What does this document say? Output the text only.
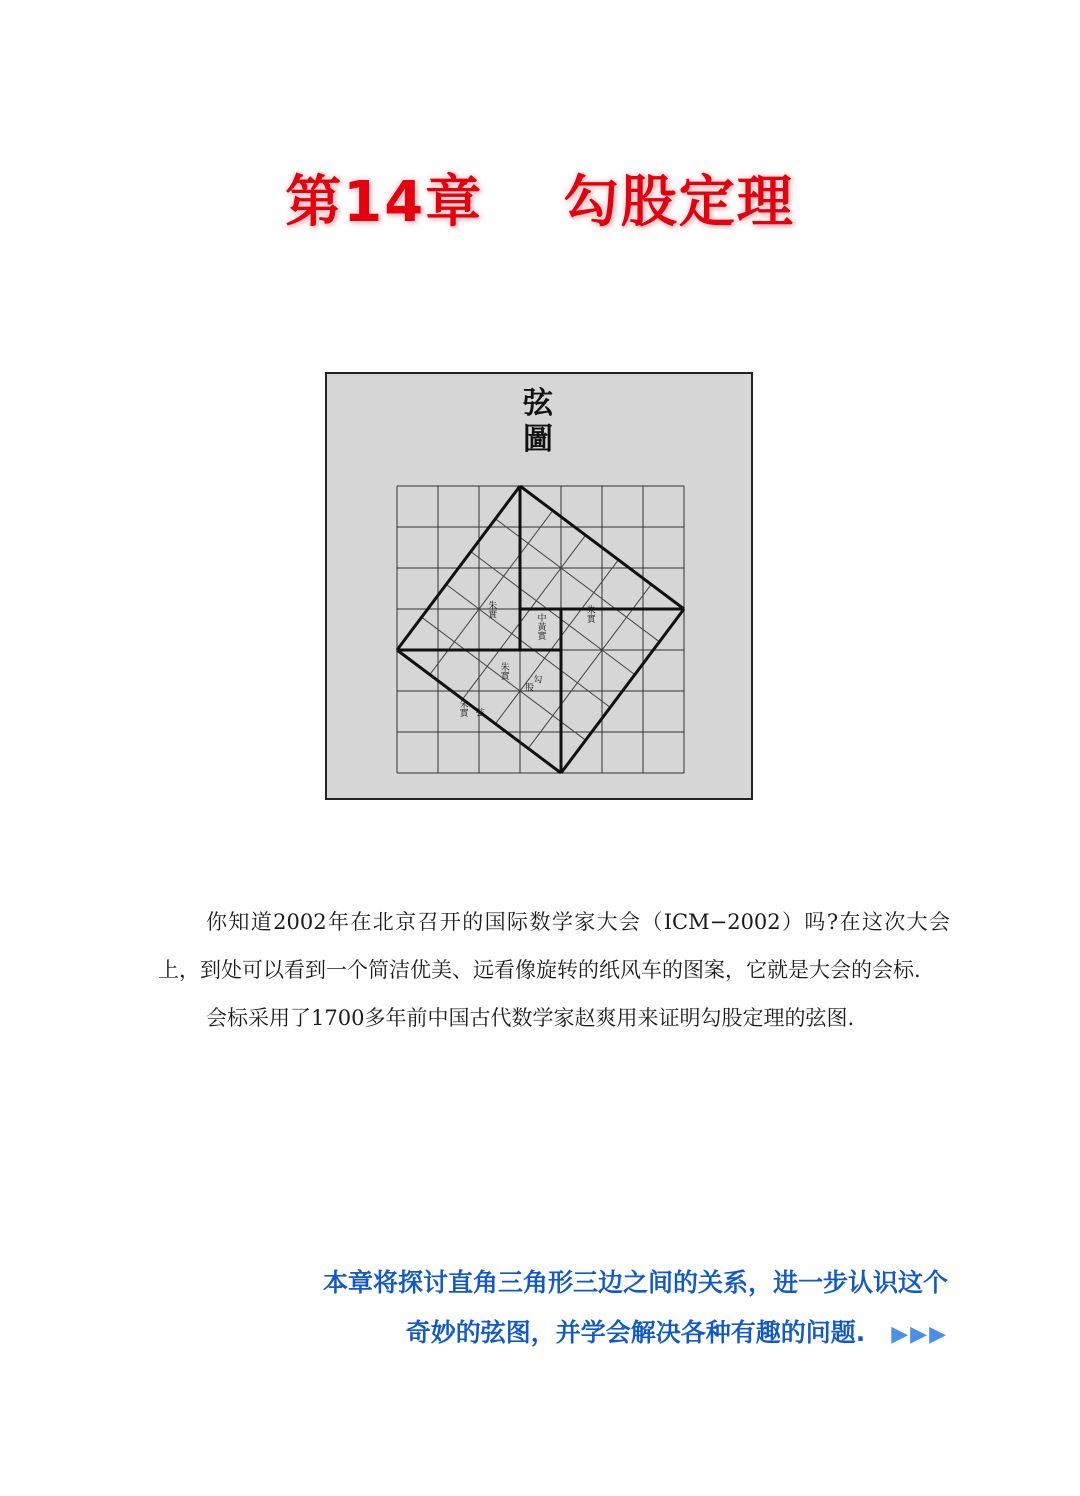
第14章　 勾股定理
弦圖
朱實
中黃實	朱實
朱實
朱實
勾
股
弦

你知道2002年在北京召开的国际数学家大会（ICM−2002）吗?在这次大会上，到处可以看到一个简洁优美、远看像旋转的纸风车的图案，它就是大会的会标.

会标采用了1700多年前中国古代数学家赵爽用来证明勾股定理的弦图.

本章将探讨直角三角形三边之间的关系，进一步认识这个
奇妙的弦图，并学会解决各种有趣的问题. ▶▶▶
